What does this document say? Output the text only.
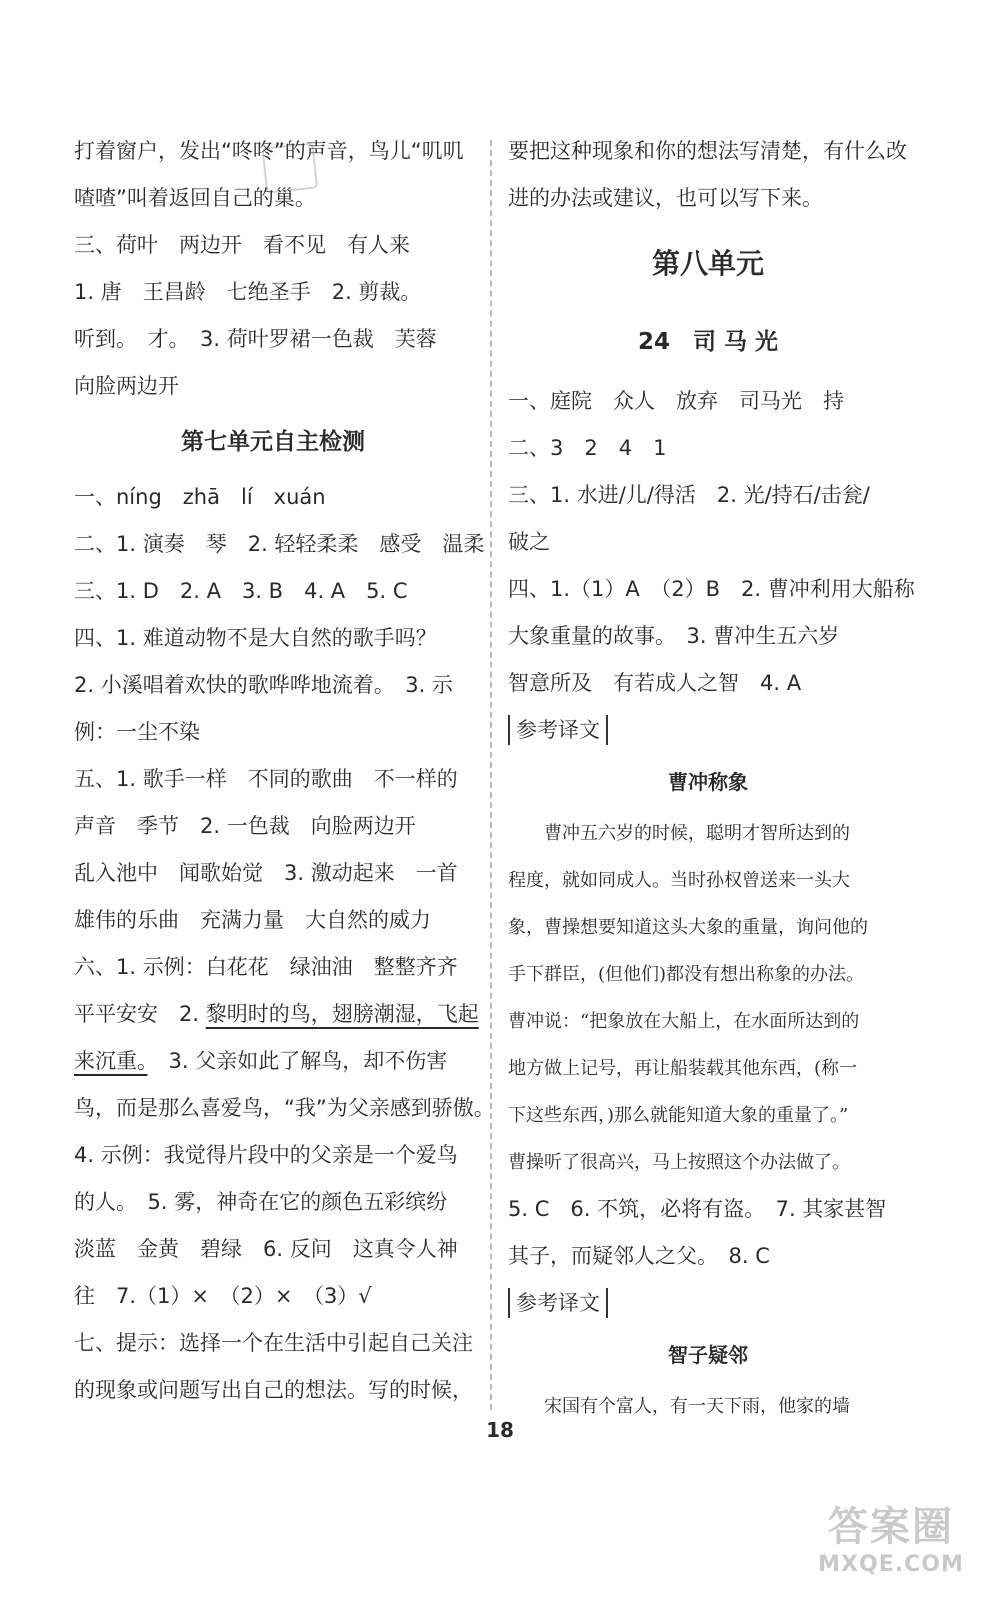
打着窗户，发出“咚咚”的声音，鸟儿“叽叽
喳喳”叫着返回自己的巢。
三、荷叶　两边开　看不见　有人来
1. 唐　王昌龄　七绝圣手　2. 剪裁。
听到。　才。　3. 荷叶罗裙一色裁　芙蓉
向脸两边开
第七单元自主检测
一、níng　zhā　lí　xuán
二、1. 演奏　琴　2. 轻轻柔柔　感受　温柔
三、1. D　2. A　3. B　4. A　5. C
四、1. 难道动物不是大自然的歌手吗？
2. 小溪唱着欢快的歌哗哗地流着。　3. 示
例：一尘不染
五、1. 歌手一样　不同的歌曲　不一样的
声音　季节　2. 一色裁　向脸两边开
乱入池中　闻歌始觉　3. 激动起来　一首
雄伟的乐曲　充满力量　大自然的威力
六、1. 示例：白花花　绿油油　整整齐齐
平平安安　2. 黎明时的鸟，翅膀潮湿，飞起
来沉重。　3. 父亲如此了解鸟，却不伤害
鸟，而是那么喜爱鸟，“我”为父亲感到骄傲。
4. 示例：我觉得片段中的父亲是一个爱鸟
的人。　5. 雾，神奇在它的颜色五彩缤纷
淡蓝　金黄　碧绿　6. 反问　这真令人神
往　7.（1）×　（2）×　（3）√
七、提示：选择一个在生活中引起自己关注
的现象或问题写出自己的想法。写的时候，
要把这种现象和你的想法写清楚，有什么改
进的办法或建议，也可以写下来。
第八单元
24　司 马 光
一、庭院　众人　放弃　司马光　持
二、3　2　4　1
三、1. 水进/儿/得活　2. 光/持石/击瓮/
破之
四、1.（1）A　（2）B　2. 曹冲利用大船称
大象重量的故事。　3. 曹冲生五六岁
智意所及　有若成人之智　4. A
参考译文
曹冲称象
　　曹冲五六岁的时候，聪明才智所达到的
程度，就如同成人。当时孙权曾送来一头大
象，曹操想要知道这头大象的重量，询问他的
手下群臣，(但他们)都没有想出称象的办法。
曹冲说：“把象放在大船上，在水面所达到的
地方做上记号，再让船装载其他东西，(称一
下这些东西，)那么就能知道大象的重量了。”
曹操听了很高兴，马上按照这个办法做了。
5. C　6. 不筑，必将有盗。　7. 其家甚智
其子，而疑邻人之父。　8. C
参考译文
智子疑邻
　　宋国有个富人，有一天下雨，他家的墙
18
答案圈
MXQE.COM
